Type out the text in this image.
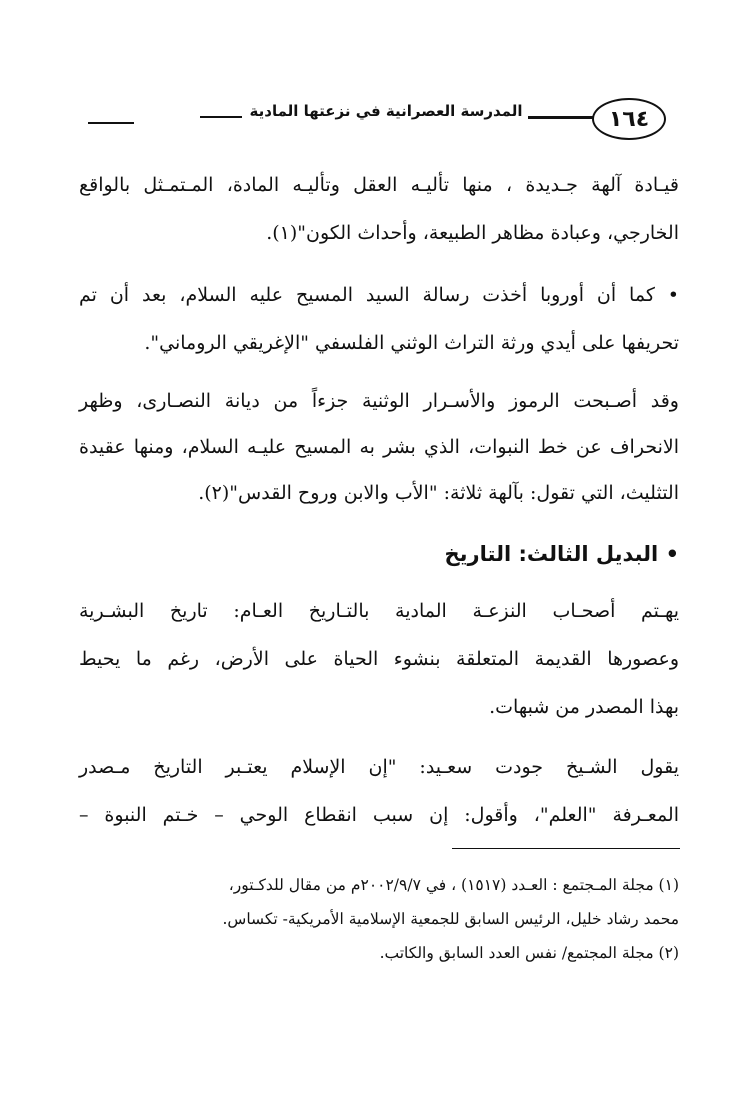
المدرسة العصرانية في نزعتها المادية	١٦٤
قيـادة آلهة جـديدة ، منها تأليـه العقل وتأليـه المادة، المـتمـثل بالواقع
الخارجي، وعبادة مظاهر الطبيعة، وأحداث الكون"(١).
• كما أن أوروبا أخذت رسالة السيد المسيح عليه السلام، بعد أن تم
تحريفها على أيدي ورثة التراث الوثني الفلسفي "الإغريقي الروماني".
وقد أصـبحت الرموز والأسـرار الوثنية جزءاً من ديانة النصـارى، وظهر
الانحراف عن خط النبوات، الذي بشر به المسيح عليـه السلام، ومنها عقيدة
التثليث، التي تقول: بآلهة ثلاثة: "الأب والابن وروح القدس"(٢).
• البديل الثالث: التاريخ
يهـتم أصحـاب النزعـة المادية بالتـاريخ العـام: تاريخ البشـرية
وعصورها القديمة المتعلقة بنشوء الحياة على الأرض، رغم ما يحيط
بهذا المصدر من شبهات.
يقول الشـيخ جودت سعـيد: "إن الإسلام يعتـبر التاريخ مـصدر
المعـرفة "العلم"، وأقول: إن سبب انقطاع الوحي – خـتم النبوة –
(١) مجلة المـجتمع : العـدد (١٥١٧) ، في ٢٠٠٢/٩/٧م من مقال للدكـتور،
محمد رشاد خليل، الرئيس السابق للجمعية الإسلامية الأمريكية- تكساس.
(٢) مجلة المجتمع/ نفس العدد السابق والكاتب.
